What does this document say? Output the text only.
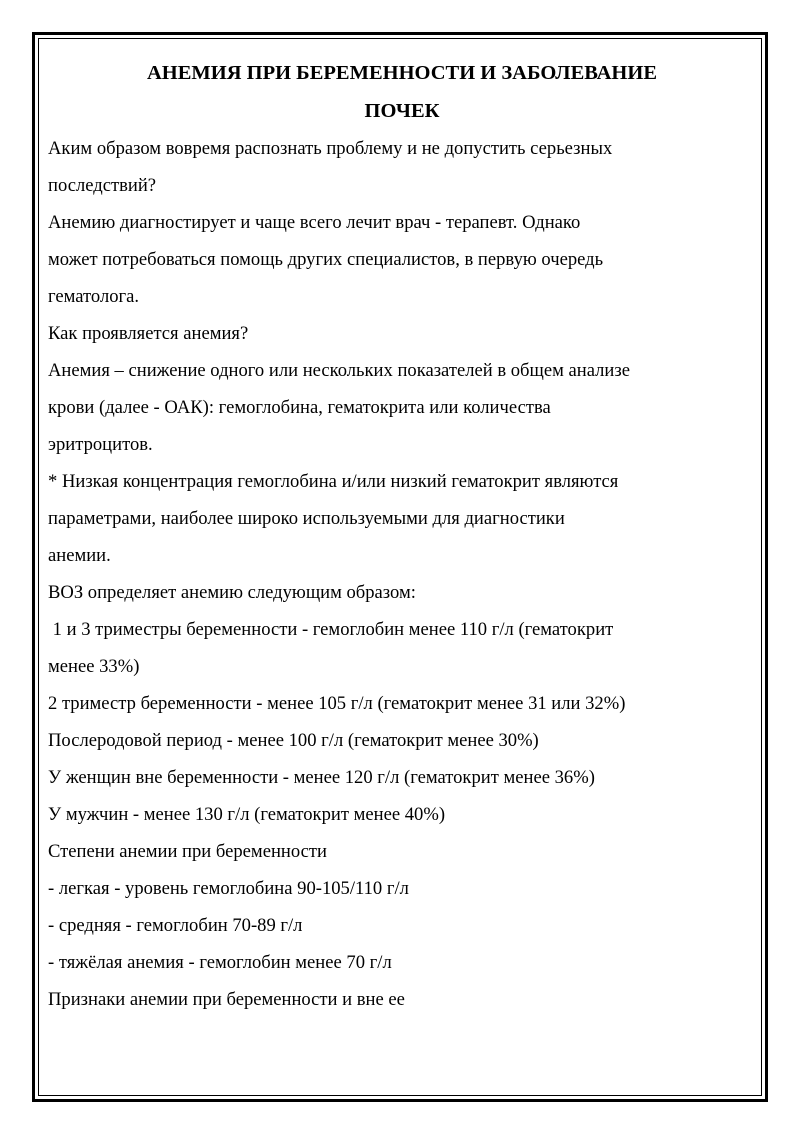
АНЕМИЯ ПРИ БЕРЕМЕННОСТИ И ЗАБОЛЕВАНИЕ
ПОЧЕК

Аким образом вовремя распознать проблему и не допустить серьезных

последствий?

Анемию диагностирует и чаще всего лечит врач - терапевт. Однако

может потребоваться помощь других специалистов, в первую очередь

гематолога.

Как проявляется анемия?

Анемия – снижение одного или нескольких показателей в общем анализе

крови (далее - ОАК): гемоглобина, гематокрита или количества

эритроцитов.

* Низкая концентрация гемоглобина и/или низкий гематокрит являются

параметрами, наиболее широко используемыми для диагностики

анемии.

ВОЗ определяет анемию следующим образом:

1 и 3 триместры беременности - гемоглобин менее 110 г/л (гематокрит

менее 33%)

2 триместр беременности - менее 105 г/л (гематокрит менее 31 или 32%)

Послеродовой период - менее 100 г/л (гематокрит менее 30%)

У женщин вне беременности - менее 120 г/л (гематокрит менее 36%)

У мужчин - менее 130 г/л (гематокрит менее 40%)

Степени анемии при беременности

- легкая - уровень гемоглобина 90-105/110 г/л

- средняя - гемоглобин 70-89 г/л

- тяжёлая анемия - гемоглобин менее 70 г/л

Признаки анемии при беременности и вне ее
